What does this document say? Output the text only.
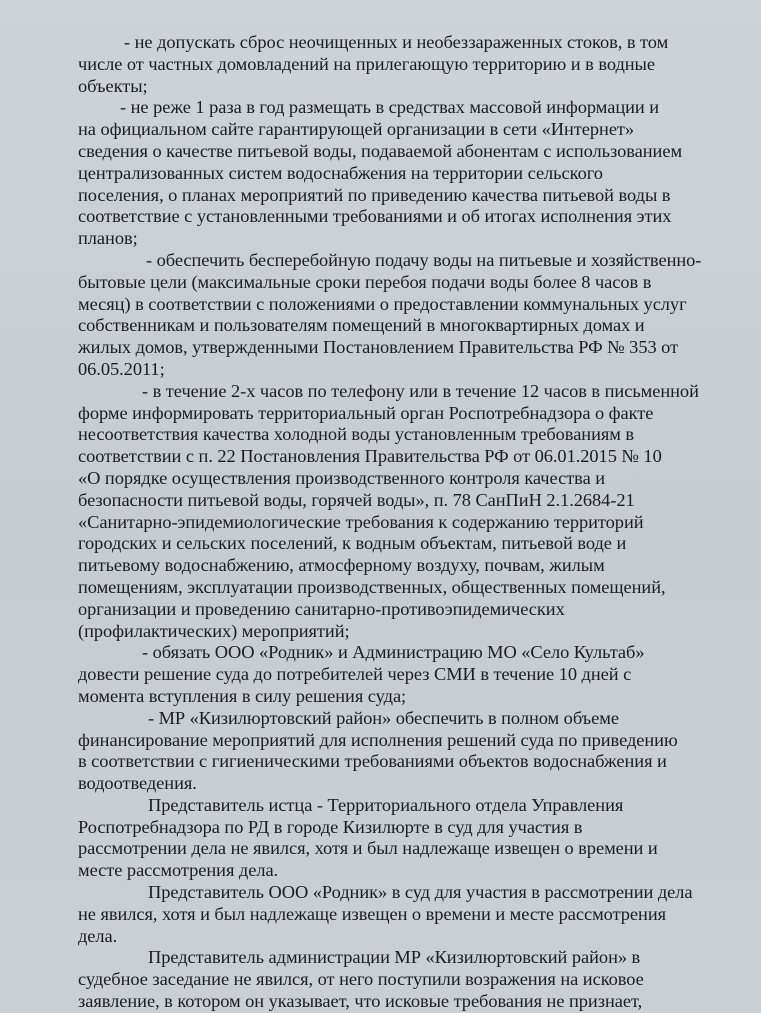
- не допускать сброс неочищенных и необеззараженных стоков, в том
числе от частных домовладений на прилегающую территорию и в водные
объекты;

- не реже 1 раза в год размещать в средствах массовой информации и
на официальном сайте гарантирующей организации в сети «Интернет»
сведения о качестве питьевой воды, подаваемой абонентам с использованием
централизованных систем водоснабжения на территории сельского
поселения, о планах мероприятий по приведению качества питьевой воды в
соответствие с установленными требованиями и об итогах исполнения этих
планов;

- обеспечить бесперебойную подачу воды на питьевые и хозяйственно-
бытовые цели (максимальные сроки перебоя подачи воды более 8 часов в
месяц) в соответствии с положениями о предоставлении коммунальных услуг
собственникам и пользователям помещений в многоквартирных домах и
жилых домов, утвержденными Постановлением Правительства РФ № 353 от
06.05.2011;

- в течение 2-х часов по телефону или в течение 12 часов в письменной
форме информировать территориальный орган Роспотребнадзора о факте
несоответствия качества холодной воды установленным требованиям в
соответствии с п. 22 Постановления Правительства РФ от 06.01.2015 № 10
«О порядке осуществления производственного контроля качества и
безопасности питьевой воды, горячей воды», п. 78 СанПиН 2.1.2684-21
«Санитарно-эпидемиологические требования к содержанию территорий
городских и сельских поселений, к водным объектам, питьевой воде и
питьевому водоснабжению, атмосферному воздуху, почвам, жилым
помещениям, эксплуатации производственных, общественных помещений,
организации и проведению санитарно-противоэпидемических
(профилактических) мероприятий;

- обязать ООО «Родник» и Администрацию МО «Село Культаб»
довести решение суда до потребителей через СМИ в течение 10 дней с
момента вступления в силу решения суда;

- МР «Кизилюртовский район» обеспечить в полном объеме
финансирование мероприятий для исполнения решений суда по приведению
в соответствии с гигиеническими требованиями объектов водоснабжения и
водоотведения.

Представитель истца - Территориального отдела Управления
Роспотребнадзора по РД в городе Кизилюрте в суд для участия в
рассмотрении дела не явился, хотя и был надлежаще извещен о времени и
месте рассмотрения дела.

Представитель ООО «Родник» в суд для участия в рассмотрении дела
не явился, хотя и был надлежаще извещен о времени и месте рассмотрения
дела.

Представитель администрации МР «Кизилюртовский район» в
судебное заседание не явился, от него поступили возражения на исковое
заявление, в котором он указывает, что исковые требования не признает,
